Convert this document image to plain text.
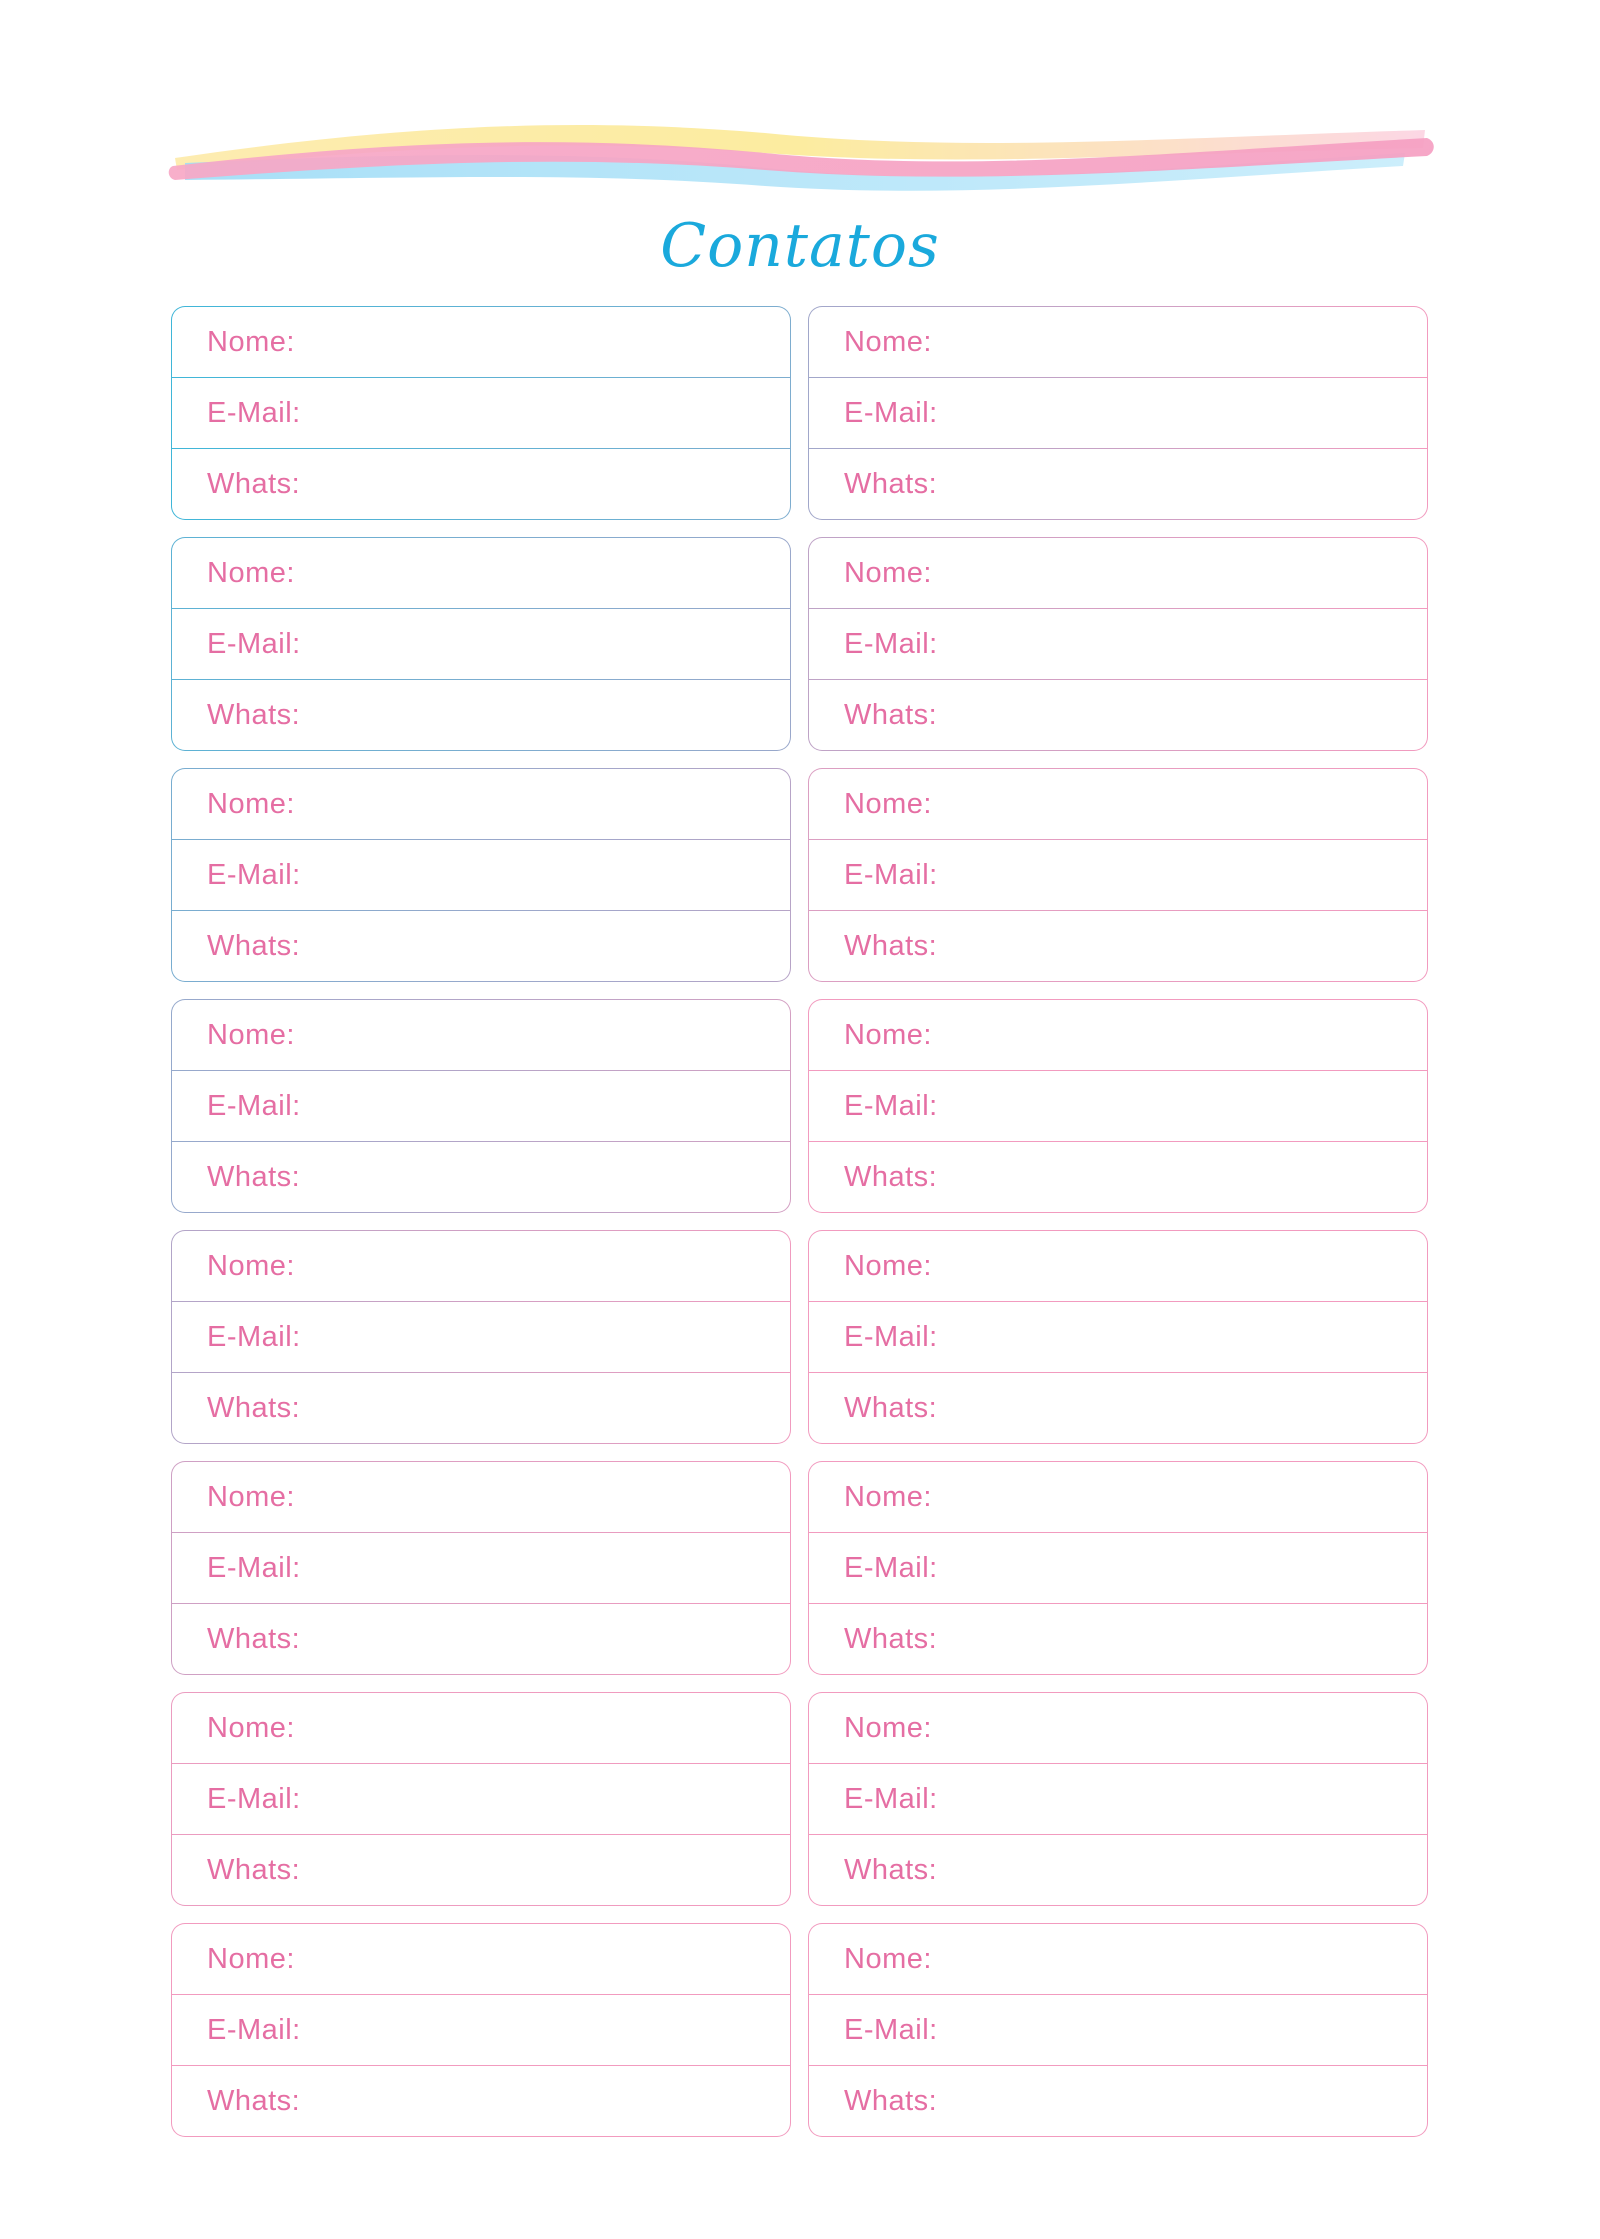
Contatos
Nome:
E-Mail:
Whats:
Nome:
E-Mail:
Whats:
Nome:
E-Mail:
Whats:
Nome:
E-Mail:
Whats:
Nome:
E-Mail:
Whats:
Nome:
E-Mail:
Whats:
Nome:
E-Mail:
Whats:
Nome:
E-Mail:
Whats:
Nome:
E-Mail:
Whats:
Nome:
E-Mail:
Whats:
Nome:
E-Mail:
Whats:
Nome:
E-Mail:
Whats:
Nome:
E-Mail:
Whats:
Nome:
E-Mail:
Whats:
Nome:
E-Mail:
Whats:
Nome:
E-Mail:
Whats:
